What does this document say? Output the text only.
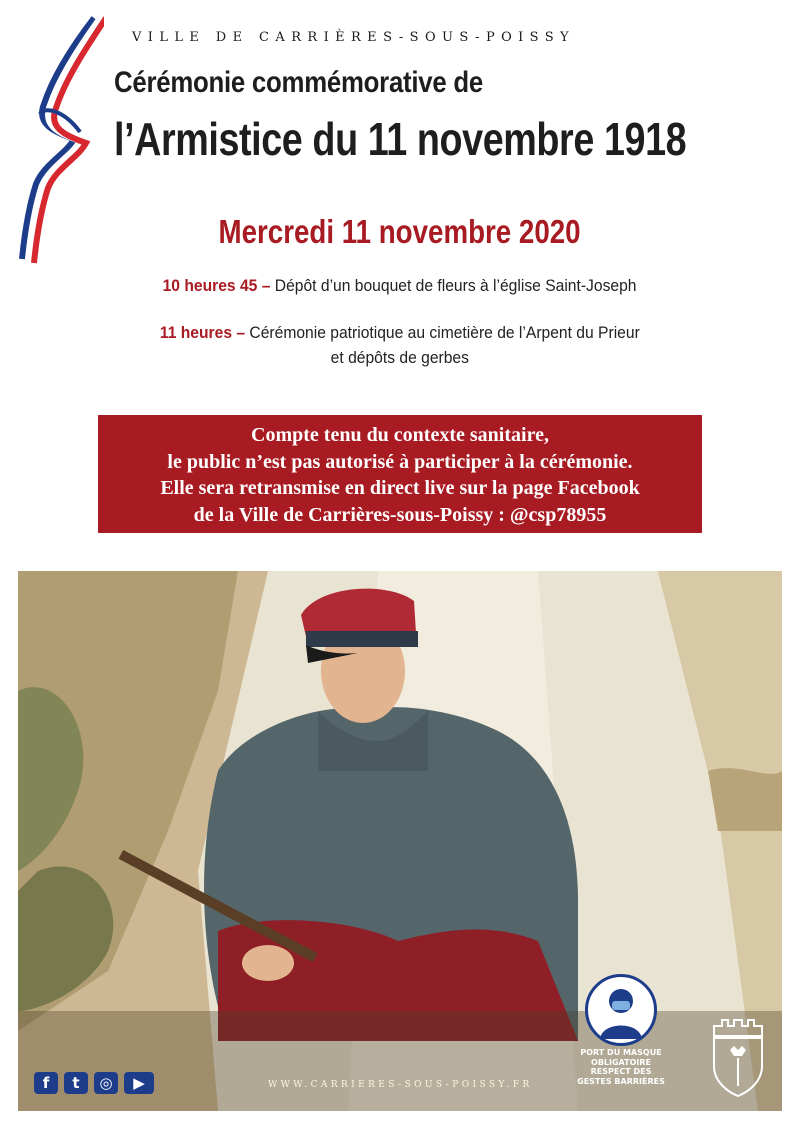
VILLE DE CARRIÈRES-SOUS-POISSY
Cérémonie commémorative de
l’Armistice du 11 novembre 1918
Mercredi 11 novembre 2020
10 heures 45 – Dépôt d’un bouquet de fleurs à l’église Saint-Joseph
11 heures – Cérémonie patriotique au cimetière de l’Arpent du Prieur
et dépôts de gerbes

Compte tenu du contexte sanitaire,

le public n’est pas autorisé à participer à la cérémonie.

Elle sera retransmise en direct live sur la page Facebook

de la Ville de Carrières-sous-Poissy : @csp78955

f	t	◎	▶	WWW.CARRIERES-SOUS-POISSY.FR
PORT DU MASQUE
OBLIGATOIRE
RESPECT DES
GESTES BARRIÈRES
